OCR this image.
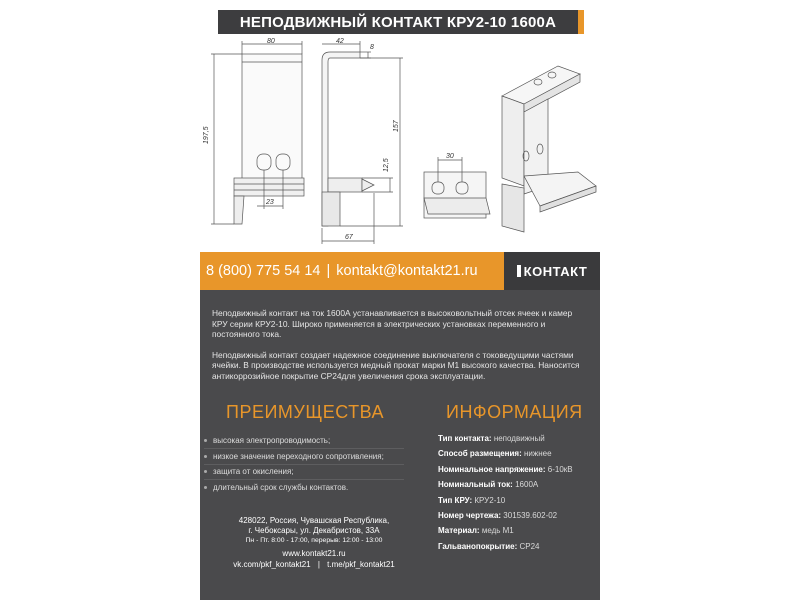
НЕПОДВИЖНЫЙ КОНТАКТ КРУ2-10 1600А
80
197,5
23
42
8
157
12,5
67
30
8 (800) 775 54 14 | kontakt@kontakt21.ru	КОНТАКТ

Неподвижный контакт на ток 1600А устанавливается в высоковольтный отсек ячеек и камер КРУ серии КРУ2-10. Широко применяется в электрических установках переменного и постоянного тока.

Неподвижный контакт создает надежное соединение выключателя с токоведущими частями ячейки. В производстве используется медный прокат марки М1 высокого качества. Наносится антикоррозийное покрытие СР24для увеличения срока эксплуатации.

ПРЕИМУЩЕСТВА	ИНФОРМАЦИЯ
высокая электропроводимость;
низкое значение переходного сопротивления;
защита от окисления;
длительный срок службы контактов.
Тип контакта: неподвижный
Способ размещения: нижнее
Номинальное напряжение: 6-10кВ
Номинальный ток: 1600А
Тип КРУ: КРУ2-10
Номер чертежа: 301539.602-02
Материал: медь М1
Гальванопокрытие: СР24
428022, Россия, Чувашская Республика,
г. Чебоксары, ул. Декабристов, 33А
Пн - Пт. 8:00 - 17:00, перерыв: 12:00 - 13:00
www.kontakt21.ru
vk.com/pkf_kontakt21 | t.me/pkf_kontakt21
